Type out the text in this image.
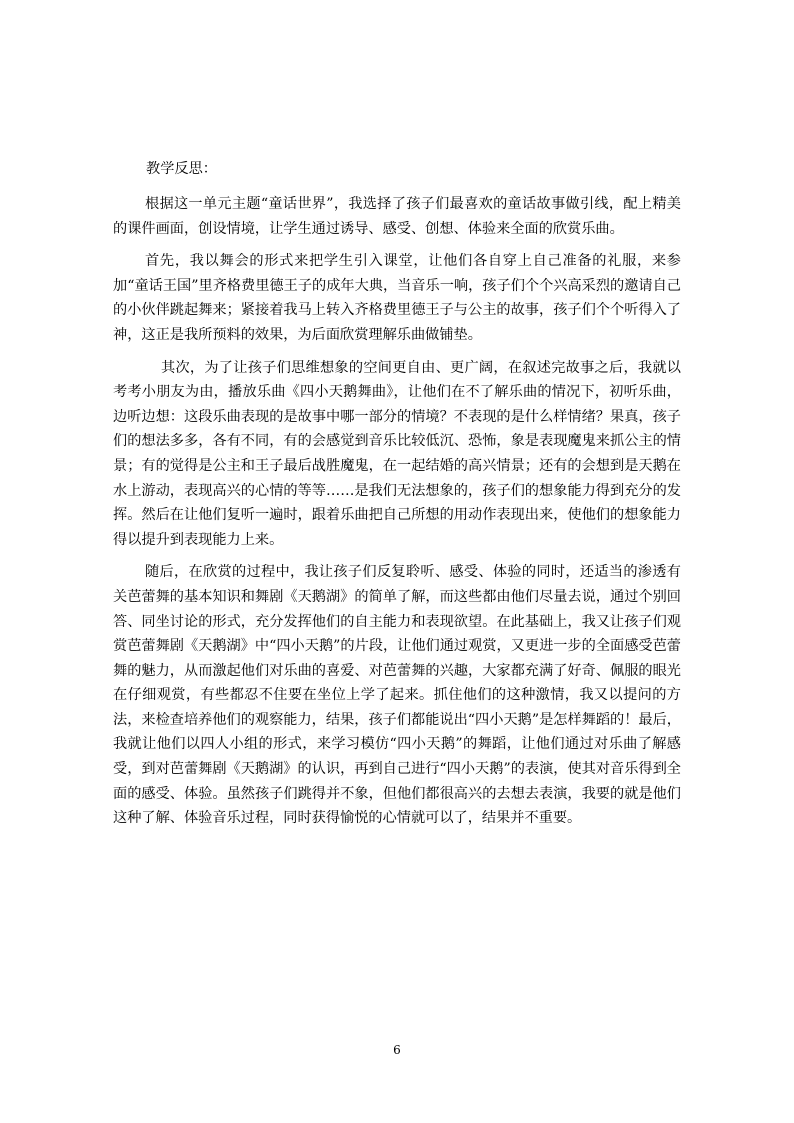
教学反思：

根据这一单元主题“童话世界”，我选择了孩子们最喜欢的童话故事做引线，配上精美的课件画面，创设情境，让学生通过诱导、感受、创想、体验来全面的欣赏乐曲。

首先，我以舞会的形式来把学生引入课堂，让他们各自穿上自己准备的礼服，来参加“童话王国”里齐格费里德王子的成年大典，当音乐一响，孩子们个个兴高采烈的邀请自己的小伙伴跳起舞来；紧接着我马上转入齐格费里德王子与公主的故事，孩子们个个听得入了神，这正是我所预料的效果，为后面欣赏理解乐曲做铺垫。

其次，为了让孩子们思维想象的空间更自由、更广阔，在叙述完故事之后，我就以考考小朋友为由，播放乐曲《四小天鹅舞曲》，让他们在不了解乐曲的情况下，初听乐曲，边听边想：这段乐曲表现的是故事中哪一部分的情境？不表现的是什么样情绪？果真，孩子们的想法多多，各有不同，有的会感觉到音乐比较低沉、恐怖，象是表现魔鬼来抓公主的情景；有的觉得是公主和王子最后战胜魔鬼，在一起结婚的高兴情景；还有的会想到是天鹅在水上游动，表现高兴的心情的等等……是我们无法想象的，孩子们的想象能力得到充分的发挥。然后在让他们复听一遍时，跟着乐曲把自己所想的用动作表现出来，使他们的想象能力得以提升到表现能力上来。

随后，在欣赏的过程中，我让孩子们反复聆听、感受、体验的同时，还适当的渗透有关芭蕾舞的基本知识和舞剧《天鹅湖》的简单了解，而这些都由他们尽量去说，通过个别回答、同坐讨论的形式，充分发挥他们的自主能力和表现欲望。在此基础上，我又让孩子们观赏芭蕾舞剧《天鹅湖》中“四小天鹅”的片段，让他们通过观赏，又更进一步的全面感受芭蕾舞的魅力，从而激起他们对乐曲的喜爱、对芭蕾舞的兴趣，大家都充满了好奇、佩服的眼光在仔细观赏，有些都忍不住要在坐位上学了起来。抓住他们的这种激情，我又以提问的方法，来检查培养他们的观察能力，结果，孩子们都能说出“四小天鹅”是怎样舞蹈的！最后，我就让他们以四人小组的形式，来学习模仿“四小天鹅”的舞蹈，让他们通过对乐曲了解感受，到对芭蕾舞剧《天鹅湖》的认识，再到自己进行“四小天鹅”的表演，使其对音乐得到全面的感受、体验。虽然孩子们跳得并不象，但他们都很高兴的去想去表演，我要的就是他们这种了解、体验音乐过程，同时获得愉悦的心情就可以了，结果并不重要。

6
